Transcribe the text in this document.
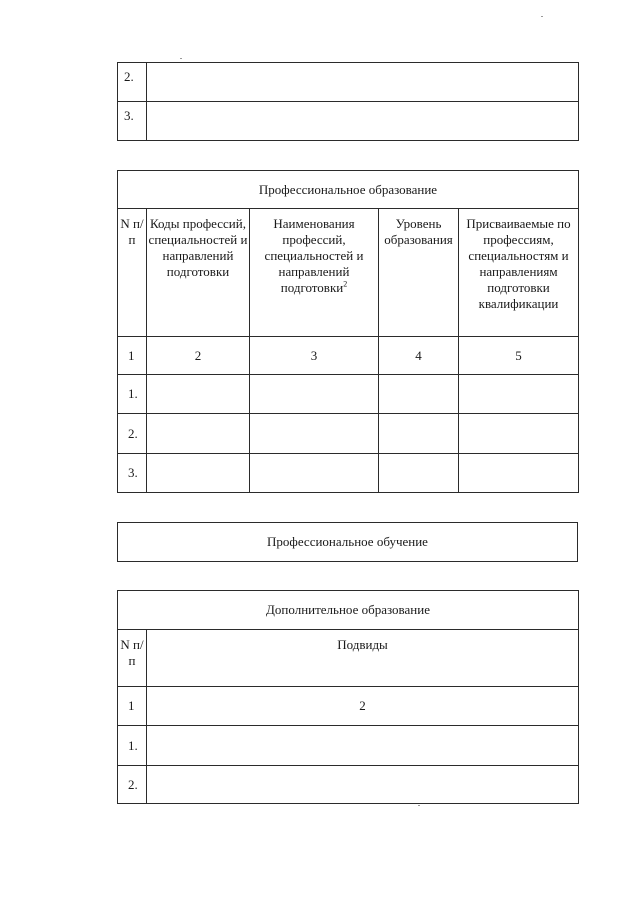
2.	
3.	
Профессиональное образование				
N п/п	Коды профессий, специальностей и направлений подготовки	Наименования профессий, специальностей и направлений подготовки$^2$	Уровень образования	Присваиваемые по профессиям, специальностям и направлениям подготовки квалификации
1	2	3	4	5
1.				
2.				
3.				
Профессиональное обучение
Дополнительное образование	
N п/п	Подвиды
1	2
1.	
2.	
